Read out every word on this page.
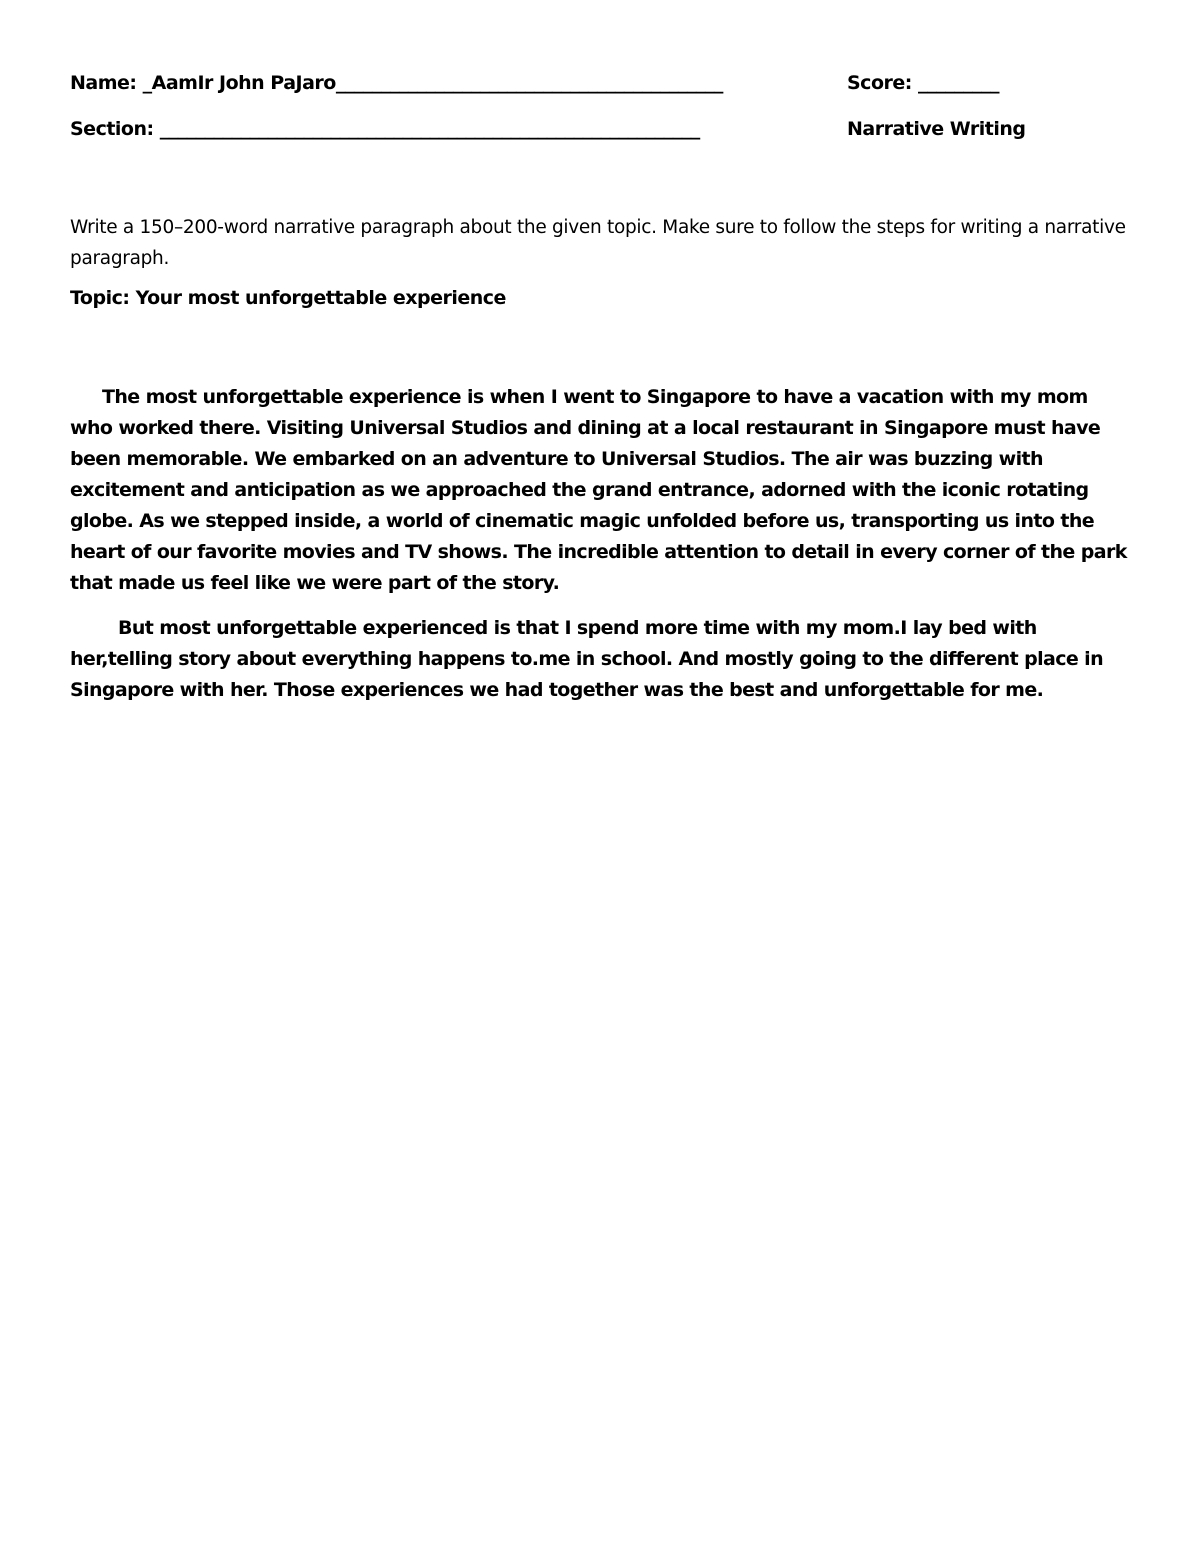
Name: _AamIr John PaJaro___________________________________________	Score: _________
Section: ____________________________________________________________	Narrative Writing
Write a 150–200-word narrative paragraph about the given topic. Make sure to follow the steps for writing a narrative paragraph.
Topic: Your most unforgettable experience
The most unforgettable experience is when I went to Singapore to have a vacation with my mom who worked there. Visiting Universal Studios and dining at a local restaurant in Singapore must have been memorable. We embarked on an adventure to Universal Studios. The air was buzzing with excitement and anticipation as we approached the grand entrance, adorned with the iconic rotating globe. As we stepped inside, a world of cinematic magic unfolded before us, transporting us into the heart of our favorite movies and TV shows. The incredible attention to detail in every corner of the park that made us feel like we were part of the story.
But most unforgettable experienced is that I spend more time with my mom.I lay bed with her,telling story about everything happens to.me in school. And mostly going to the different place in Singapore with her. Those experiences we had together was the best and unforgettable for me.
